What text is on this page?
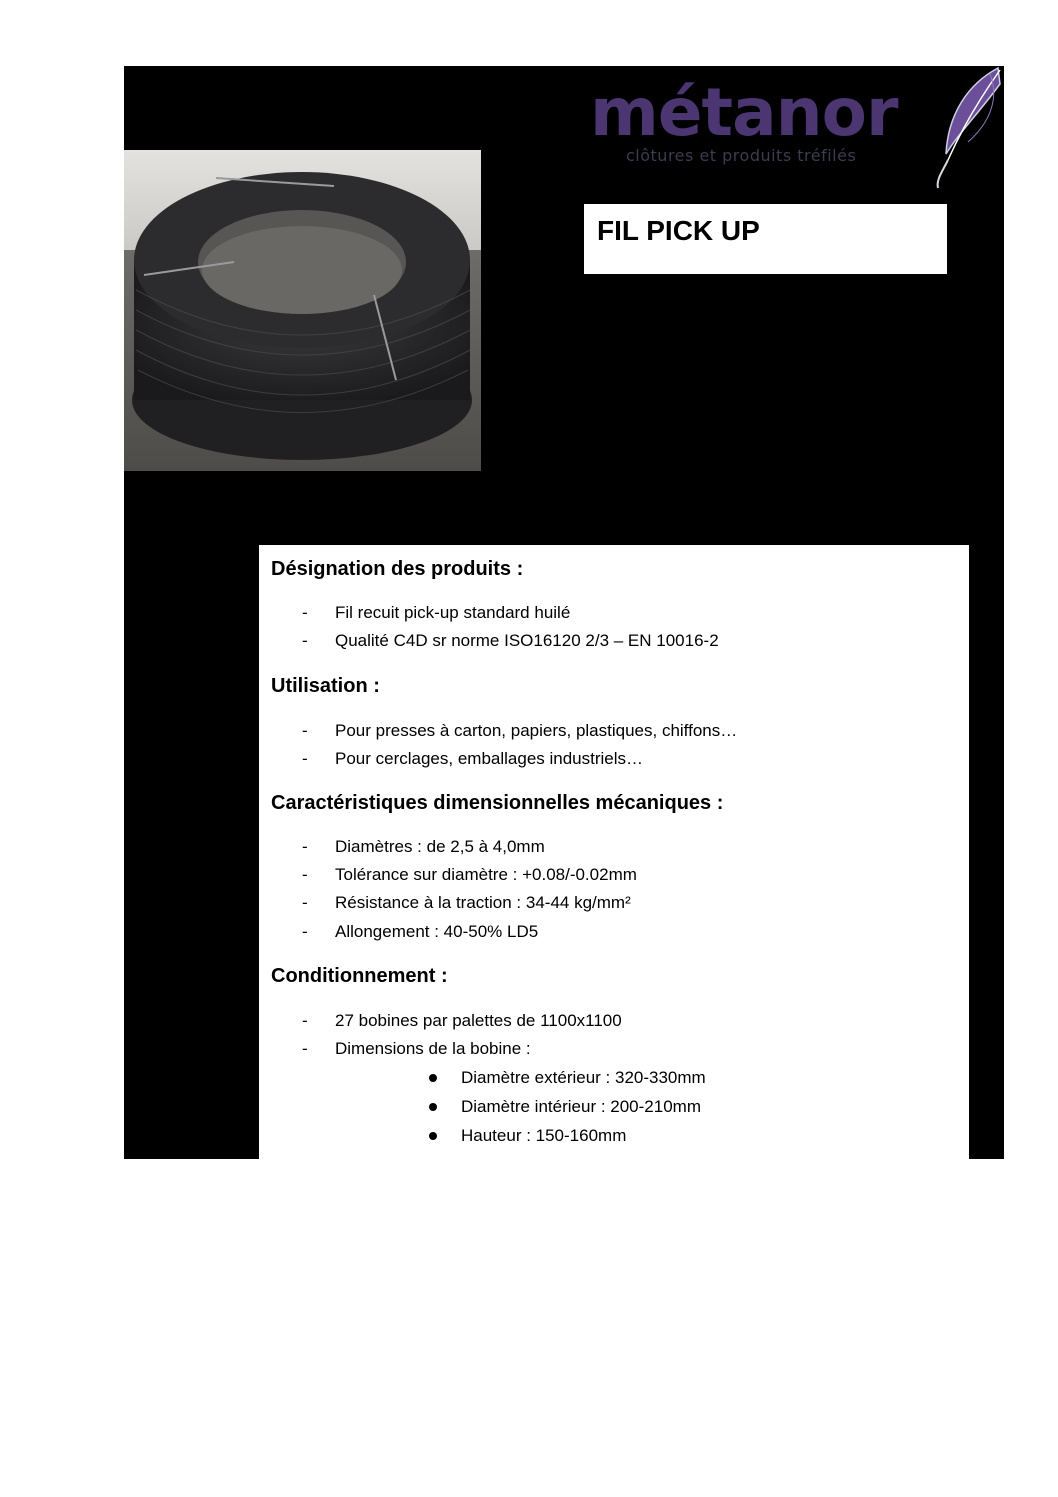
métanor
clôtures et produits tréfilés
FIL PICK UP
Désignation des produits :
-	Fil recuit pick-up standard huilé
-	Qualité C4D sr norme ISO16120 2/3 – EN 10016-2
Utilisation :
-	Pour presses à carton, papiers, plastiques, chiffons…
-	Pour cerclages, emballages industriels…
Caractéristiques dimensionnelles mécaniques :
-	Diamètres : de 2,5 à 4,0mm
-	Tolérance sur diamètre : +0.08/-0.02mm
-	Résistance à la traction : 34-44 kg/mm²
-	Allongement : 40-50% LD5
Conditionnement :
-	27 bobines par palettes de 1100x1100
-	Dimensions de la bobine :
Diamètre extérieur : 320-330mm
Diamètre intérieur : 200-210mm
Hauteur : 150-160mm
